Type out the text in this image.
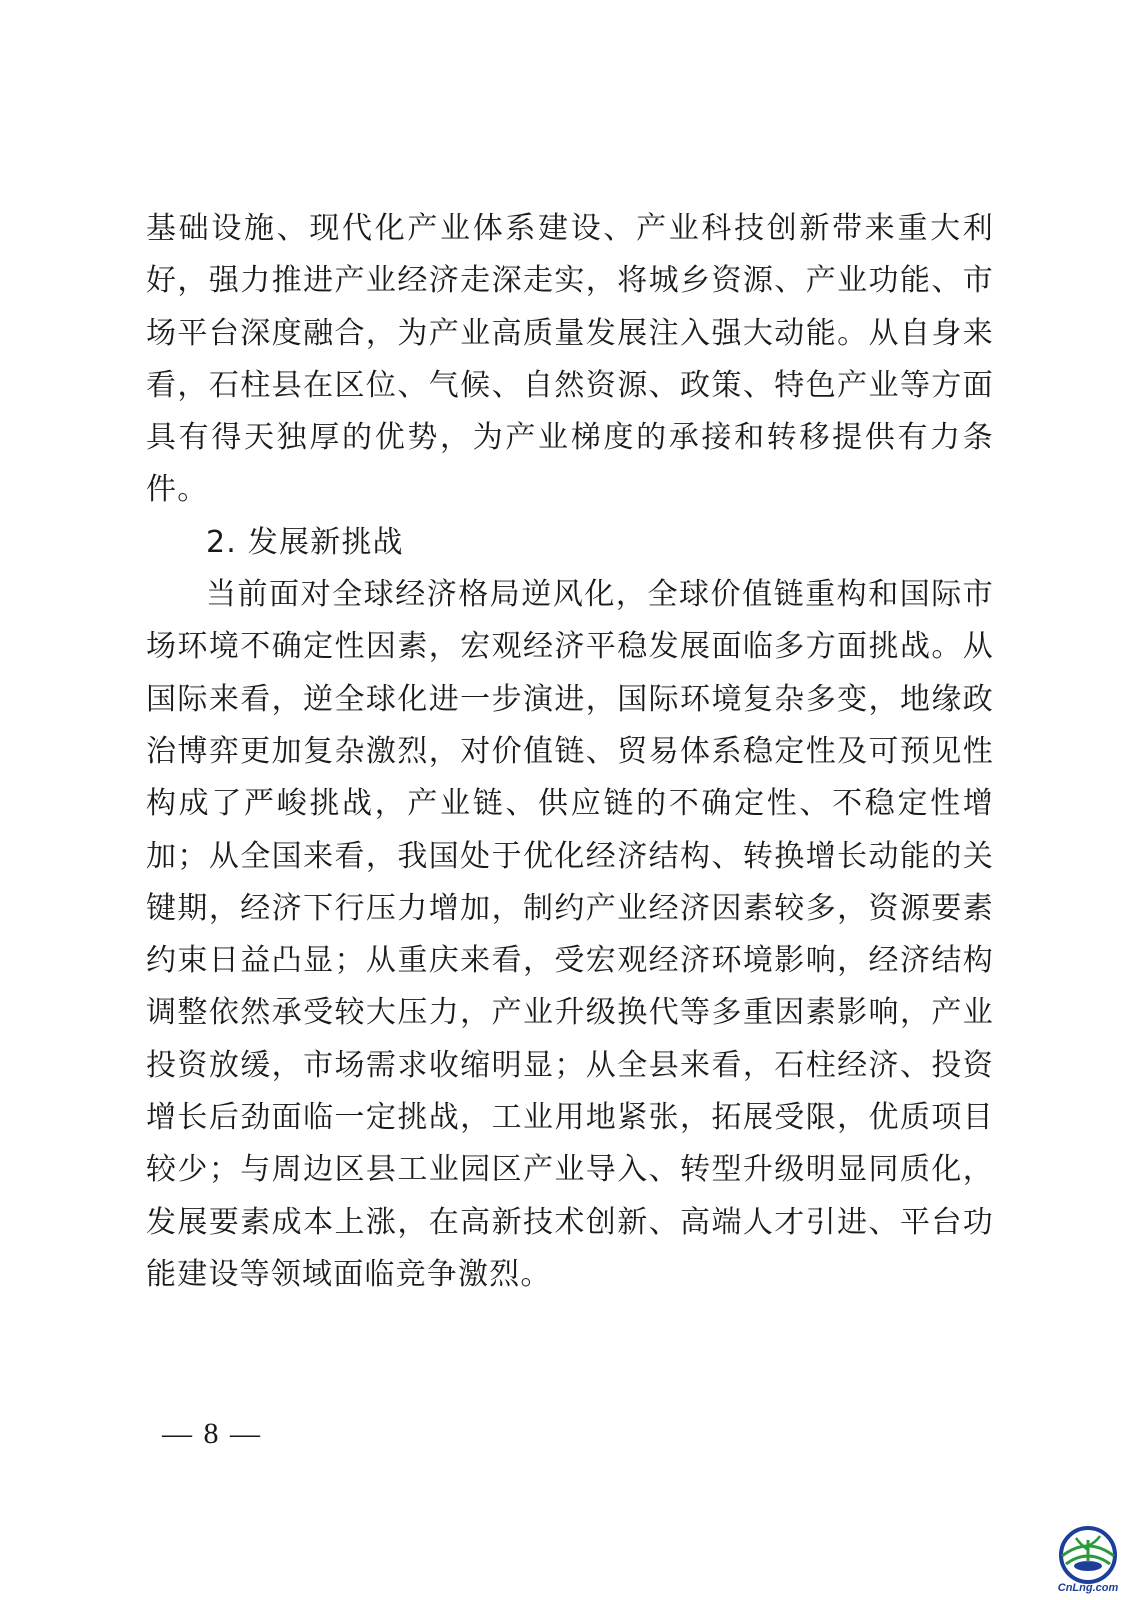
基础设施、现代化产业体系建设、产业科技创新带来重大利好，强力推进产业经济走深走实，将城乡资源、产业功能、市场平台深度融合，为产业高质量发展注入强大动能。从自身来看，石柱县在区位、气候、自然资源、政策、特色产业等方面具有得天独厚的优势，为产业梯度的承接和转移提供有力条件。

2. 发展新挑战

当前面对全球经济格局逆风化，全球价值链重构和国际市场环境不确定性因素，宏观经济平稳发展面临多方面挑战。从国际来看，逆全球化进一步演进，国际环境复杂多变，地缘政治博弈更加复杂激烈，对价值链、贸易体系稳定性及可预见性构成了严峻挑战，产业链、供应链的不确定性、不稳定性增加；从全国来看，我国处于优化经济结构、转换增长动能的关键期，经济下行压力增加，制约产业经济因素较多，资源要素约束日益凸显；从重庆来看，受宏观经济环境影响，经济结构调整依然承受较大压力，产业升级换代等多重因素影响，产业投资放缓，市场需求收缩明显；从全县来看，石柱经济、投资增长后劲面临一定挑战，工业用地紧张，拓展受限，优质项目较少；与周边区县工业园区产业导入、转型升级明显同质化，发展要素成本上涨，在高新技术创新、高端人才引进、平台功能建设等领域面临竞争激烈。

— 8 —
CnLng.com
